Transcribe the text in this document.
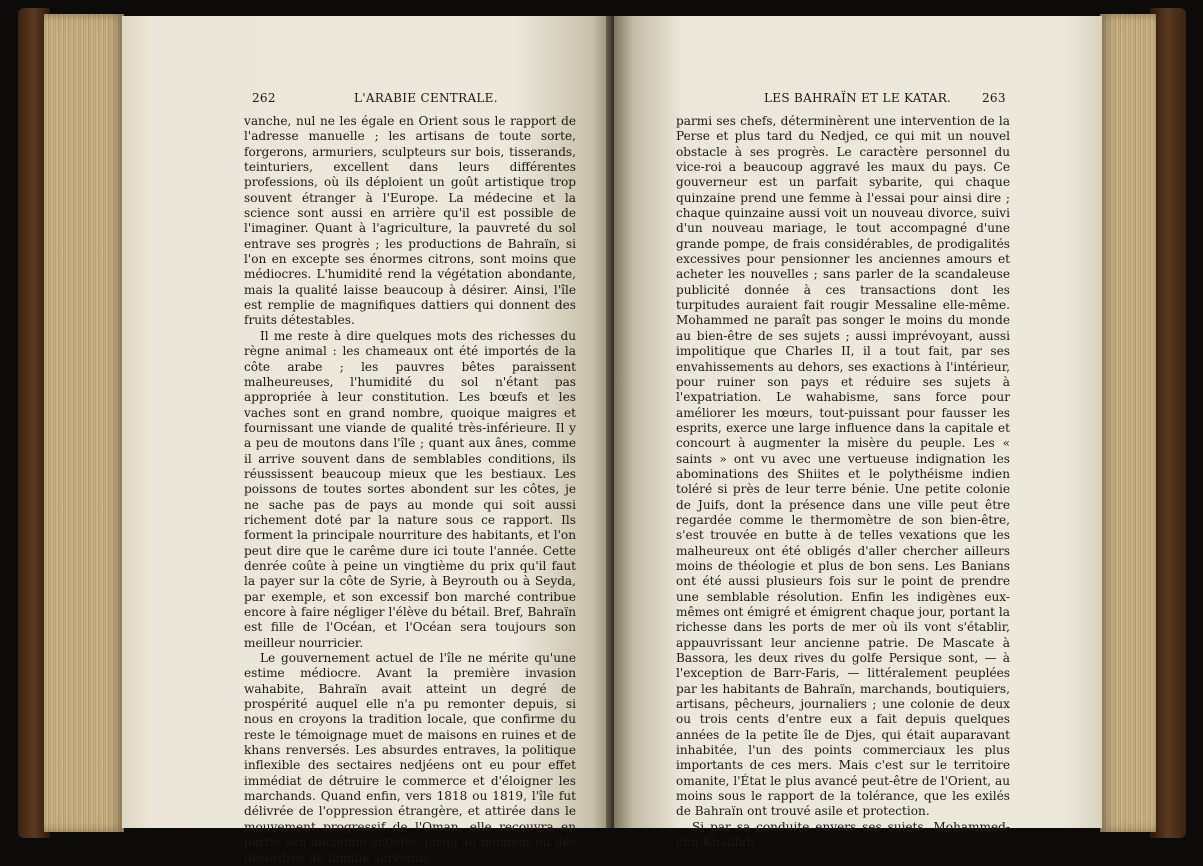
262	L'ARABIE CENTRALE.

vanche, nul ne les égale en Orient sous le rapport de l'adresse manuelle ; les artisans de toute sorte, forgerons, armuriers, sculpteurs sur bois, tisserands, teinturiers, excellent dans leurs différentes professions, où ils déploient un goût artistique trop souvent étranger à l'Europe. La médecine et la science sont aussi en arrière qu'il est possible de l'imaginer. Quant à l'agriculture, la pauvreté du sol entrave ses progrès ; les productions de Bahraïn, si l'on en excepte ses énormes citrons, sont moins que médiocres. L'humidité rend la végétation abondante, mais la qualité laisse beaucoup à désirer. Ainsi, l'île est remplie de magnifiques dattiers qui donnent des fruits détestables.

Il me reste à dire quelques mots des richesses du règne animal : les chameaux ont été importés de la côte arabe ; les pauvres bêtes paraissent malheureuses, l'humidité du sol n'étant pas appropriée à leur constitution. Les bœufs et les vaches sont en grand nombre, quoique maigres et fournissant une viande de qualité très-inférieure. Il y a peu de moutons dans l'île ; quant aux ânes, comme il arrive souvent dans de semblables conditions, ils réussissent beaucoup mieux que les bestiaux. Les poissons de toutes sortes abondent sur les côtes, je ne sache pas de pays au monde qui soit aussi richement doté par la nature sous ce rapport. Ils forment la principale nourriture des habitants, et l'on peut dire que le carême dure ici toute l'année. Cette denrée coûte à peine un vingtième du prix qu'il faut la payer sur la côte de Syrie, à Beyrouth ou à Seyda, par exemple, et son excessif bon marché contribue encore à faire négliger l'élève du bétail. Bref, Bahraïn est fille de l'Océan, et l'Océan sera toujours son meilleur nourricier.

Le gouvernement actuel de l'île ne mérite qu'une estime médiocre. Avant la première invasion wahabite, Bahraïn avait atteint un degré de prospérité auquel elle n'a pu remonter depuis, si nous en croyons la tradition locale, que confirme du reste le témoignage muet de maisons en ruines et de khans renversés. Les absurdes entraves, la politique inflexible des sectaires nedjéens ont eu pour effet immédiat de détruire le commerce et d'éloigner les marchands. Quand enfin, vers 1818 ou 1819, l'île fut délivrée de l'oppression étrangère, et attirée dans le mouvement progressif de l'Oman, elle recouvra en partie son ancienne activité, jusqu'au moment où des désordres de famille survenus

LES BAHRAÏN ET LE KATAR.	263

parmi ses chefs, déterminèrent une intervention de la Perse et plus tard du Nedjed, ce qui mit un nouvel obstacle à ses progrès. Le caractère personnel du vice-roi a beaucoup aggravé les maux du pays. Ce gouverneur est un parfait sybarite, qui chaque quinzaine prend une femme à l'essai pour ainsi dire ; chaque quinzaine aussi voit un nouveau divorce, suivi d'un nouveau mariage, le tout accompagné d'une grande pompe, de frais considérables, de prodigalités excessives pour pensionner les anciennes amours et acheter les nouvelles ; sans parler de la scandaleuse publicité donnée à ces transactions dont les turpitudes auraient fait rougir Messaline elle-même. Mohammed ne paraît pas songer le moins du monde au bien-être de ses sujets ; aussi imprévoyant, aussi impolitique que Charles II, il a tout fait, par ses envahissements au dehors, ses exactions à l'intérieur, pour ruiner son pays et réduire ses sujets à l'expatriation. Le wahabisme, sans force pour améliorer les mœurs, tout-puissant pour fausser les esprits, exerce une large influence dans la capitale et concourt à augmenter la misère du peuple. Les « saints » ont vu avec une vertueuse indignation les abominations des Shiites et le polythéisme indien toléré si près de leur terre bénie. Une petite colonie de Juifs, dont la présence dans une ville peut être regardée comme le thermomètre de son bien-être, s'est trouvée en butte à de telles vexations que les malheureux ont été obligés d'aller chercher ailleurs moins de théologie et plus de bon sens. Les Banians ont été aussi plusieurs fois sur le point de prendre une semblable résolution. Enfin les indigènes eux-mêmes ont émigré et émigrent chaque jour, portant la richesse dans les ports de mer où ils vont s'établir, appauvrissant leur ancienne patrie. De Mascate à Bassora, les deux rives du golfe Persique sont, — à l'exception de Barr-Faris, — littéralement peuplées par les habitants de Bahraïn, marchands, boutiquiers, artisans, pêcheurs, journaliers ; une colonie de deux ou trois cents d'entre eux a fait depuis quelques années de la petite île de Djes, qui était auparavant inhabitée, l'un des points commerciaux les plus importants de ces mers. Mais c'est sur le territoire omanite, l'État le plus avancé peut-être de l'Orient, au moins sous le rapport de la tolérance, que les exilés de Bahraïn ont trouvé asile et protection.

Si par sa conduite envers ses sujets, Mohammed-ebn-Khalifah
